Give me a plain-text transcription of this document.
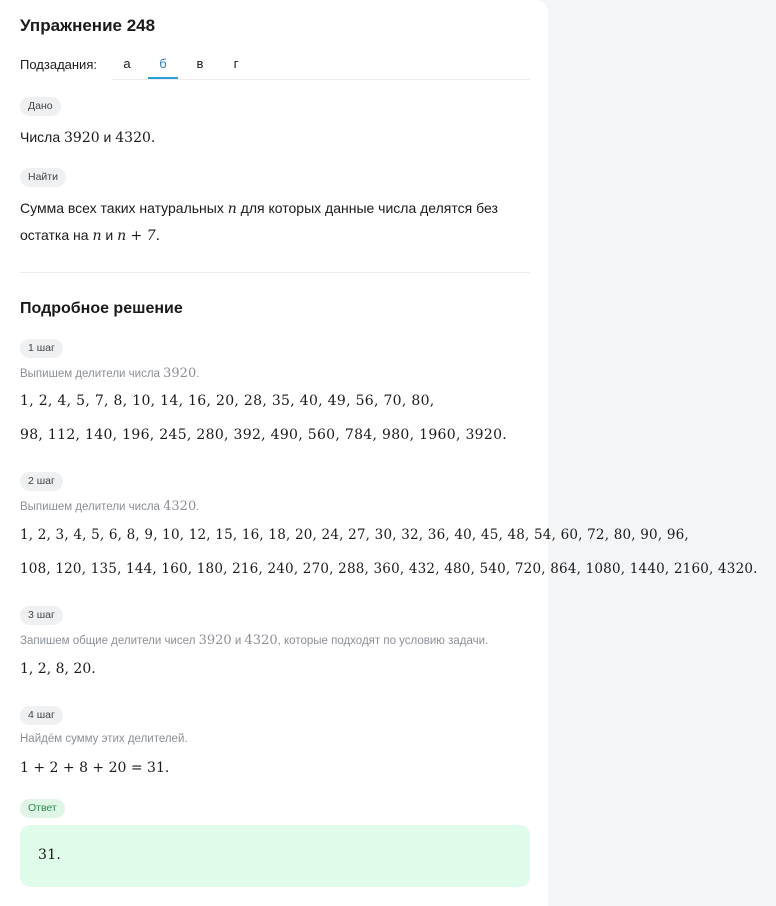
Упражнение 248
Подзадания:	а	б	в	г
Дано
Числа 3920 и 4320.
Найти
Сумма всех таких натуральных n для которых данные числа делятся без
остатка на n и n + 7.
Подробное решение
1 шаг
Выпишем делители числа 3920.
1, 2, 4, 5, 7, 8, 10, 14, 16, 20, 28, 35, 40, 49, 56, 70, 80,
98, 112, 140, 196, 245, 280, 392, 490, 560, 784, 980, 1960, 3920.
2 шаг
Выпишем делители числа 4320.
1, 2, 3, 4, 5, 6, 8, 9, 10, 12, 15, 16, 18, 20, 24, 27, 30, 32, 36, 40, 45, 48, 54, 60, 72, 80, 90, 96,
108, 120, 135, 144, 160, 180, 216, 240, 270, 288, 360, 432, 480, 540, 720, 864, 1080, 1440, 2160, 4320.
3 шаг
Запишем общие делители чисел 3920 и 4320, которые подходят по условию задачи.
1, 2, 8, 20.
4 шаг
Найдём сумму этих делителей.
1 + 2 + 8 + 20 = 31.
Ответ
31.
